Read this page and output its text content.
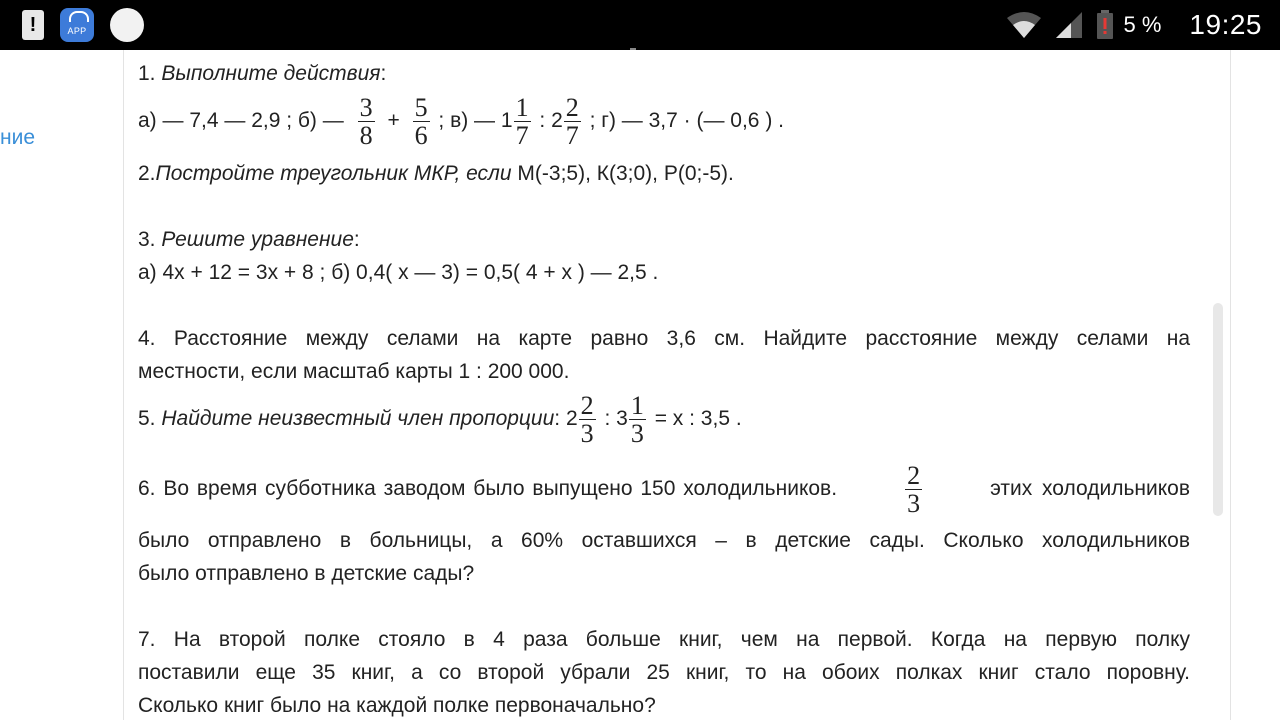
!	APP	5 % 19:25
ние
1. Выполните действия:
а) — 7,4 — 2,9 ; б) — $\frac{3}{8} + \frac{5}{6}$ ; в) — $1 \frac{1}{7}$ : $2 \frac{2}{7}$ ; г) — 3,7 · (— 0,6 ) .
2.Постройте треугольник МКР, если М(-3;5), К(3;0), Р(0;-5).
3. Решите уравнение:
а) 4х + 12 = 3х + 8 ; б) 0,4( х — 3) = 0,5( 4 + х ) — 2,5 .
4. Расстояние между селами на карте равно 3,6 см. Найдите расстояние между селами на
местности, если масштаб карты 1 : 200 000.
5. Найдите неизвестный член пропорции: $2 \frac{2}{3}$ : $3 \frac{1}{3} = х$ : 3,5 .
6. Во время субботника заводом было выпущено 150 холодильников.	$\frac{2}{3}$	этих холодильников
было отправлено в больницы, а 60% оставшихся – в детские сады. Сколько холодильников
было отправлено в детские сады?
7. На второй полке стояло в 4 раза больше книг, чем на первой. Когда на первую полку
поставили еще 35 книг, а со второй убрали 25 книг, то на обоих полках книг стало поровну.
Сколько книг было на каждой полке первоначально?
